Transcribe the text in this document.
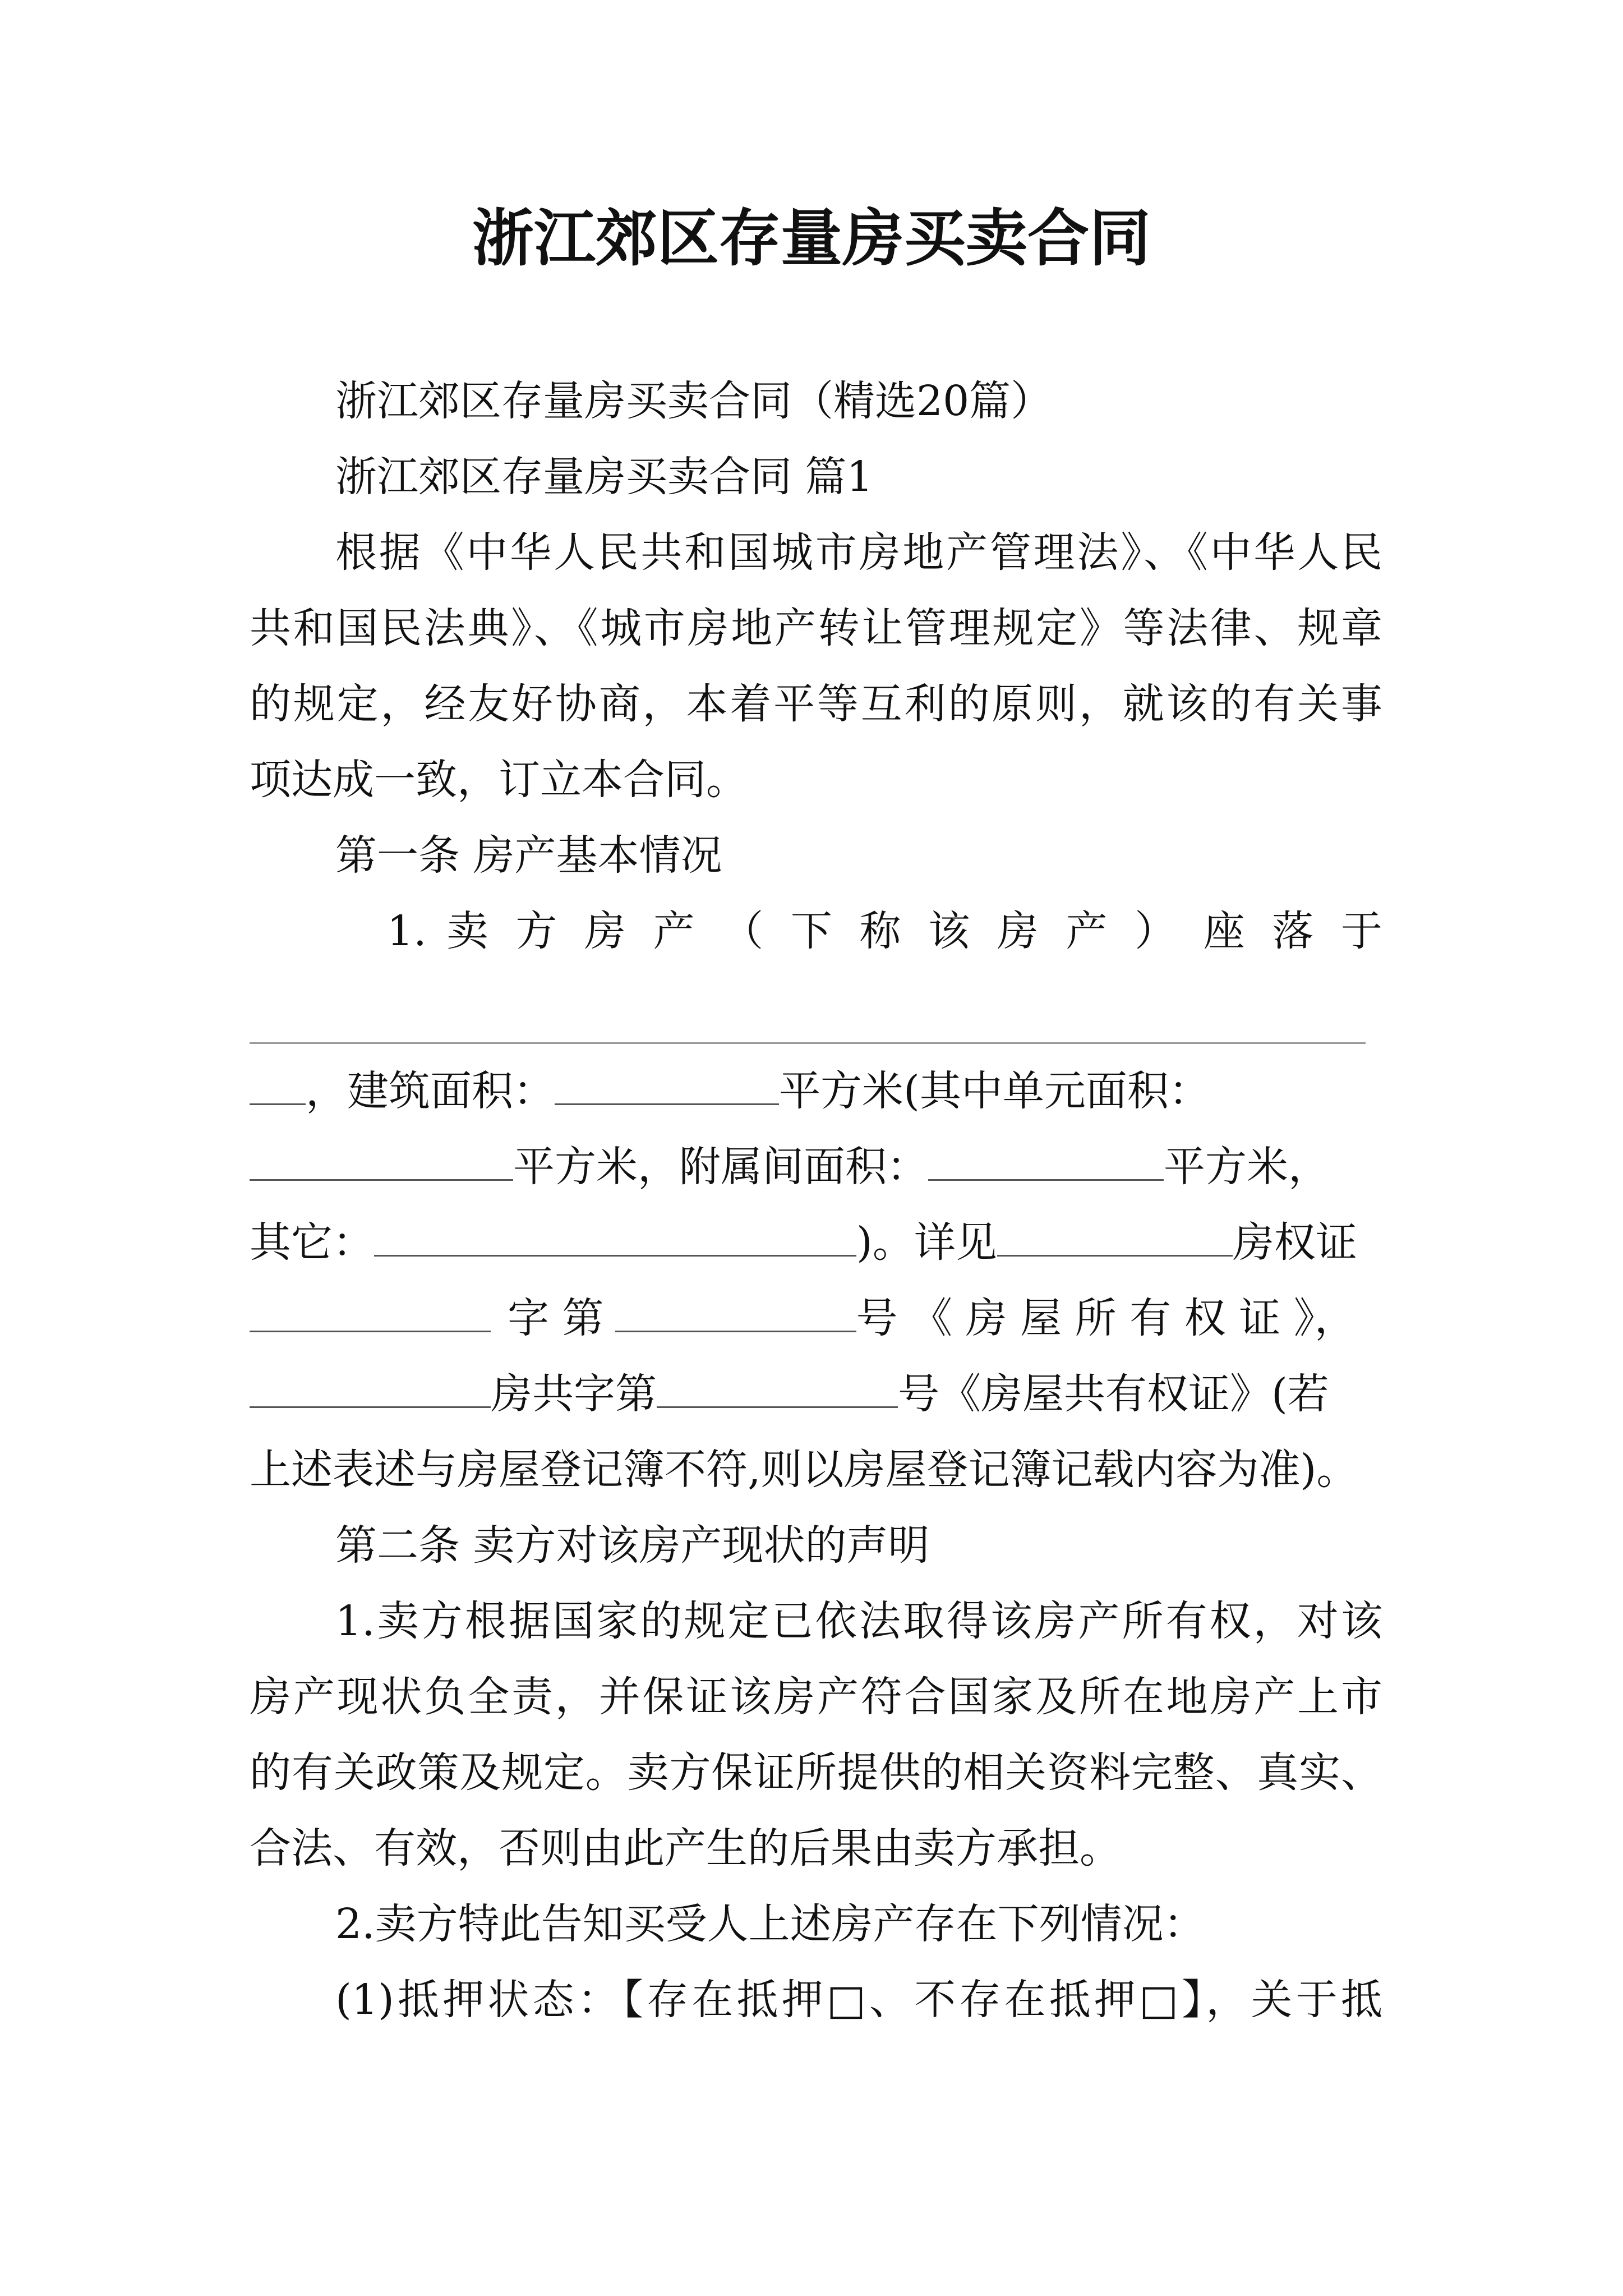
浙江郊区存量房买卖合同
浙江郊区存量房买卖合同（精选20篇）
浙江郊区存量房买卖合同 篇1
根据《中华人民共和国城市房地产管理法》、《中华人民
共和国民法典》、《城市房地产转让管理规定》等法律、规章
的规定，经友好协商，本着平等互利的原则，就该的有关事
项达成一致，订立本合同。
第一条 房产基本情况
1. 卖 方 房 产 （ 下 称 该 房 产 ） 座 落 于
，建筑面积：	平方米(其中单元面积：
平方米，附属间面积：	平方米，
其它：	)。详见	房权证
字 第	号 《 房 屋 所 有 权 证 》，
房共字第	号《房屋共有权证》(若
上述表述与房屋登记簿不符,则以房屋登记簿记载内容为准)。
第二条 卖方对该房产现状的声明
1.卖方根据国家的规定已依法取得该房产所有权，对该
房产现状负全责，并保证该房产符合国家及所在地房产上市
的有关政策及规定。卖方保证所提供的相关资料完整、真实、
合法、有效，否则由此产生的后果由卖方承担。
2.卖方特此告知买受人上述房产存在下列情况：
(1)抵押状态：【存在抵押□、不存在抵押□】，关于抵
